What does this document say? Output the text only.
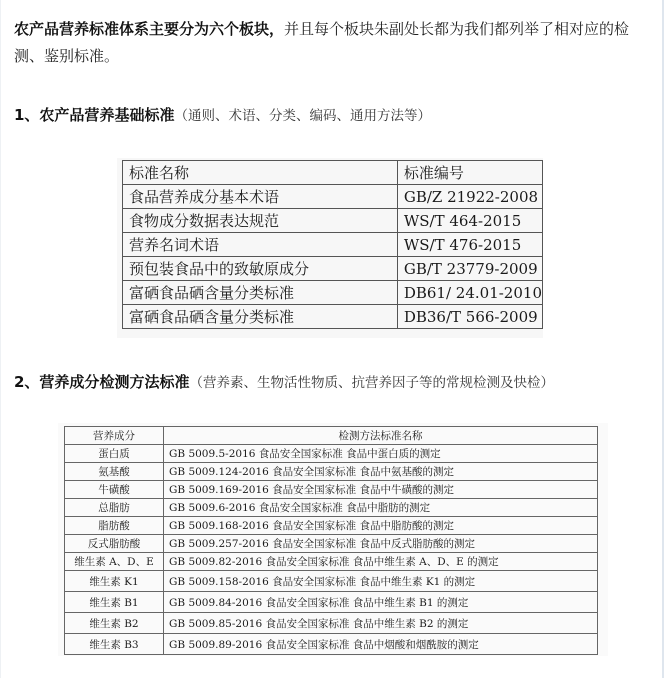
农产品营养标准体系主要分为六个板块，并且每个板块朱副处长都为我们都列举了相对应的检测、鉴别标准。

1、农产品营养基础标准（通则、术语、分类、编码、通用方法等）
标准名称	标准编号
食品营养成分基本术语	GB/Z 21922-2008
食物成分数据表达规范	WS/T 464-2015
营养名词术语	WS/T 476-2015
预包装食品中的致敏原成分	GB/T 23779-2009
富硒食品硒含量分类标准	DB61/ 24.01-2010
富硒食品硒含量分类标准	DB36/T 566-2009
2、营养成分检测方法标准（营养素、生物活性物质、抗营养因子等的常规检测及快检）
营养成分	检测方法标准名称
蛋白质	GB 5009.5-2016 食品安全国家标准 食品中蛋白质的测定
氨基酸	GB 5009.124-2016 食品安全国家标准 食品中氨基酸的测定
牛磺酸	GB 5009.169-2016 食品安全国家标准 食品中牛磺酸的测定
总脂肪	GB 5009.6-2016 食品安全国家标准 食品中脂肪的测定
脂肪酸	GB 5009.168-2016 食品安全国家标准 食品中脂肪酸的测定
反式脂肪酸	GB 5009.257-2016 食品安全国家标准 食品中反式脂肪酸的测定
维生素 A、D、E	GB 5009.82-2016 食品安全国家标准 食品中维生素 A、D、E 的测定
维生素 K1	GB 5009.158-2016 食品安全国家标准 食品中维生素 K1 的测定
维生素 B1	GB 5009.84-2016 食品安全国家标准 食品中维生素 B1 的测定
维生素 B2	GB 5009.85-2016 食品安全国家标准 食品中维生素 B2 的测定
维生素 B3	GB 5009.89-2016 食品安全国家标准 食品中烟酸和烟酰胺的测定
